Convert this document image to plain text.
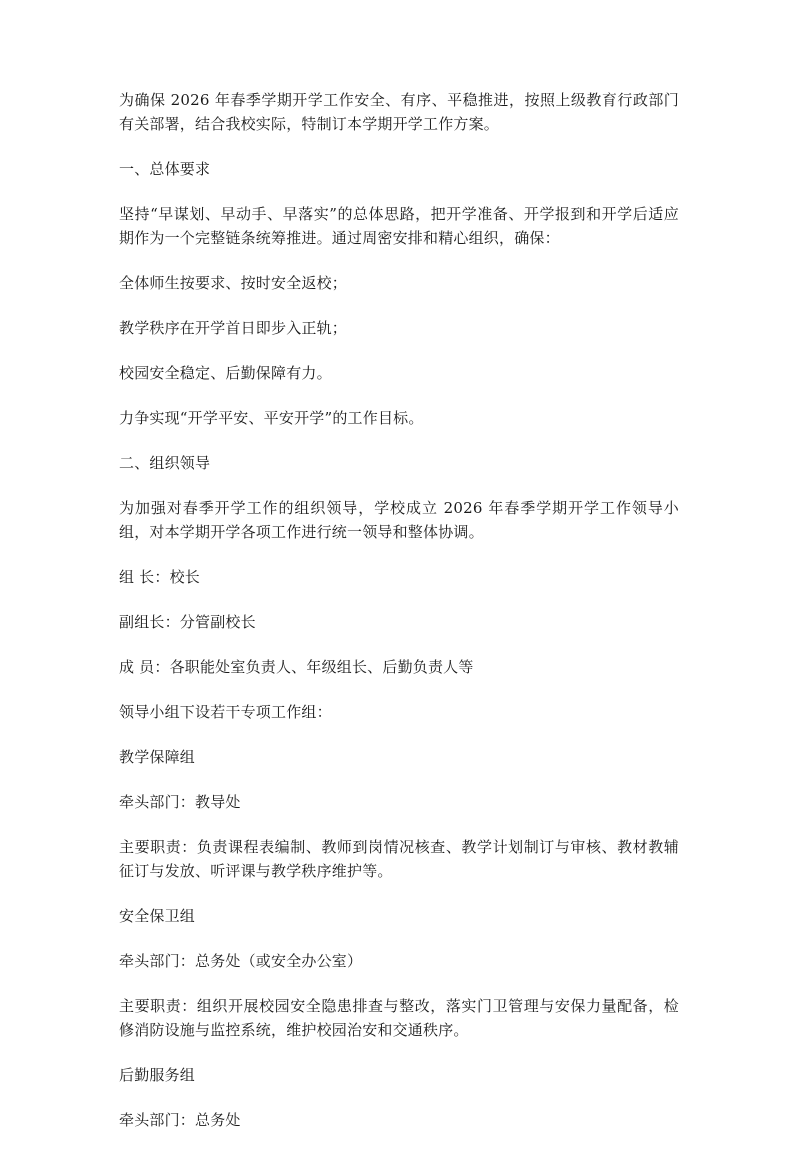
为确保 2026 年春季学期开学工作安全、有序、平稳推进，按照上级教育行政部门有关部署，结合我校实际，特制订本学期开学工作方案。

一、总体要求

坚持“早谋划、早动手、早落实”的总体思路，把开学准备、开学报到和开学后适应期作为一个完整链条统筹推进。通过周密安排和精心组织，确保：

全体师生按要求、按时安全返校；

教学秩序在开学首日即步入正轨；

校园安全稳定、后勤保障有力。

力争实现“开学平安、平安开学”的工作目标。

二、组织领导

为加强对春季开学工作的组织领导，学校成立 2026 年春季学期开学工作领导小组，对本学期开学各项工作进行统一领导和整体协调。

组 长：校长

副组长：分管副校长

成 员：各职能处室负责人、年级组长、后勤负责人等

领导小组下设若干专项工作组：

教学保障组

牵头部门：教导处

主要职责：负责课程表编制、教师到岗情况核查、教学计划制订与审核、教材教辅征订与发放、听评课与教学秩序维护等。

安全保卫组

牵头部门：总务处（或安全办公室）

主要职责：组织开展校园安全隐患排查与整改，落实门卫管理与安保力量配备，检修消防设施与监控系统，维护校园治安和交通秩序。

后勤服务组

牵头部门：总务处
